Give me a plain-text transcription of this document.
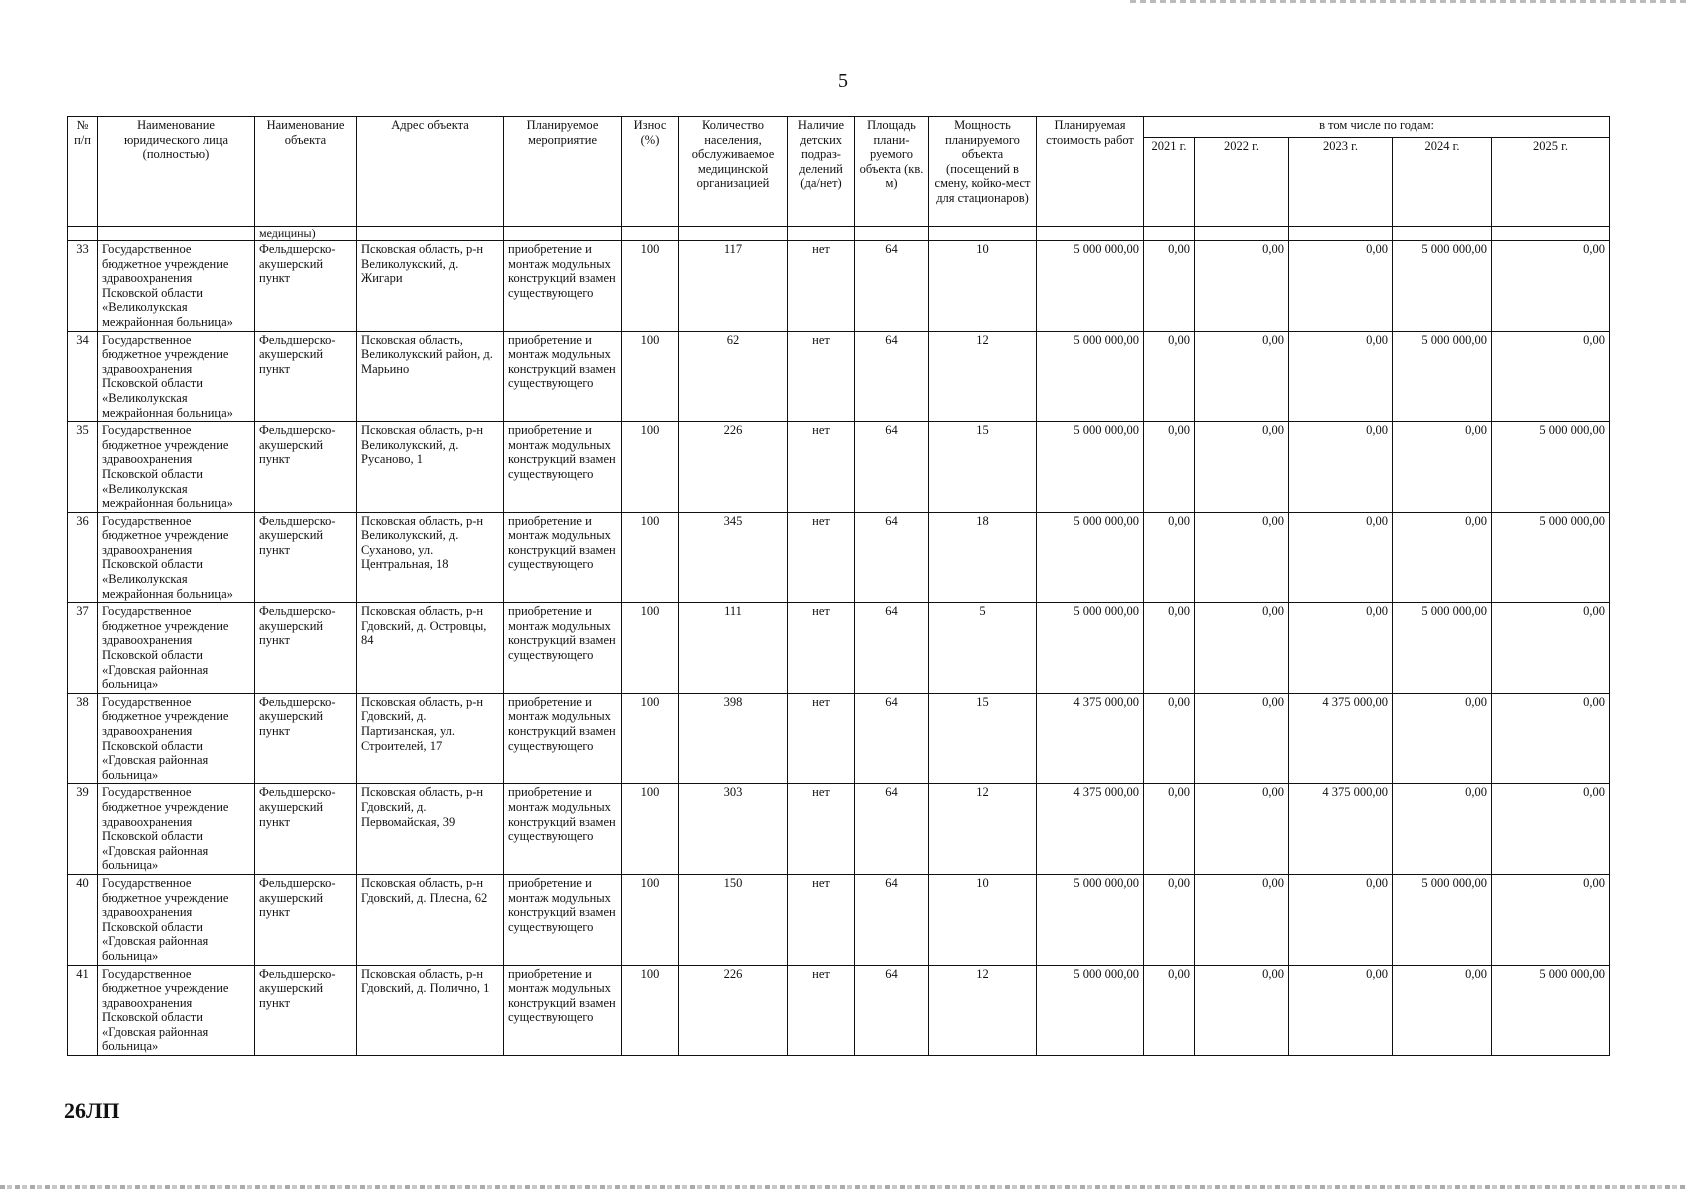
5
№ п/п	Наименование юридического лица (полностью)	Наименование объекта	Адрес объекта	Планируемое мероприятие	Износ (%)	Количество населения, обслуживаемое медицинской организацией	Наличие детских подраз-делений (да/нет)	Площадь плани-руемого объекта (кв. м)	Мощность планируемого объекта (посещений в смену, койко-мест для стационаров)	Планируемая стоимость работ	в том числе по годам:				
											2021 г.	2022 г.	2023 г.	2024 г.	2025 г.
		медицины)													
33	Государственное бюджетное учреждение здравоохранения Псковской области «Великолукская межрайонная больница»	Фельдшерско-акушерский пункт	Псковская область, р-н Великолукский, д. Жигари	приобретение и монтаж модульных конструкций взамен существующего	100	117	нет	64	10	5 000 000,00	0,00	0,00	0,00	5 000 000,00	0,00
34	Государственное бюджетное учреждение здравоохранения Псковской области «Великолукская межрайонная больница»	Фельдшерско-акушерский пункт	Псковская область, Великолукский район, д. Марьино	приобретение и монтаж модульных конструкций взамен существующего	100	62	нет	64	12	5 000 000,00	0,00	0,00	0,00	5 000 000,00	0,00
35	Государственное бюджетное учреждение здравоохранения Псковской области «Великолукская межрайонная больница»	Фельдшерско-акушерский пункт	Псковская область, р-н Великолукский, д. Русаново, 1	приобретение и монтаж модульных конструкций взамен существующего	100	226	нет	64	15	5 000 000,00	0,00	0,00	0,00	0,00	5 000 000,00
36	Государственное бюджетное учреждение здравоохранения Псковской области «Великолукская межрайонная больница»	Фельдшерско-акушерский пункт	Псковская область, р-н Великолукский, д. Суханово, ул. Центральная, 18	приобретение и монтаж модульных конструкций взамен существующего	100	345	нет	64	18	5 000 000,00	0,00	0,00	0,00	0,00	5 000 000,00
37	Государственное бюджетное учреждение здравоохранения Псковской области «Гдовская районная больница»	Фельдшерско-акушерский пункт	Псковская область, р-н Гдовский, д. Островцы, 84	приобретение и монтаж модульных конструкций взамен существующего	100	111	нет	64	5	5 000 000,00	0,00	0,00	0,00	5 000 000,00	0,00
38	Государственное бюджетное учреждение здравоохранения Псковской области «Гдовская районная больница»	Фельдшерско-акушерский пункт	Псковская область, р-н Гдовский, д. Партизанская, ул. Строителей, 17	приобретение и монтаж модульных конструкций взамен существующего	100	398	нет	64	15	4 375 000,00	0,00	0,00	4 375 000,00	0,00	0,00
39	Государственное бюджетное учреждение здравоохранения Псковской области «Гдовская районная больница»	Фельдшерско-акушерский пункт	Псковская область, р-н Гдовский, д. Первомайская, 39	приобретение и монтаж модульных конструкций взамен существующего	100	303	нет	64	12	4 375 000,00	0,00	0,00	4 375 000,00	0,00	0,00
40	Государственное бюджетное учреждение здравоохранения Псковской области «Гдовская районная больница»	Фельдшерско-акушерский пункт	Псковская область, р-н Гдовский, д. Плесна, 62	приобретение и монтаж модульных конструкций взамен существующего	100	150	нет	64	10	5 000 000,00	0,00	0,00	0,00	5 000 000,00	0,00
41	Государственное бюджетное учреждение здравоохранения Псковской области «Гдовская районная больница»	Фельдшерско-акушерский пункт	Псковская область, р-н Гдовский, д. Полично, 1	приобретение и монтаж модульных конструкций взамен существующего	100	226	нет	64	12	5 000 000,00	0,00	0,00	0,00	0,00	5 000 000,00
26ЛП
